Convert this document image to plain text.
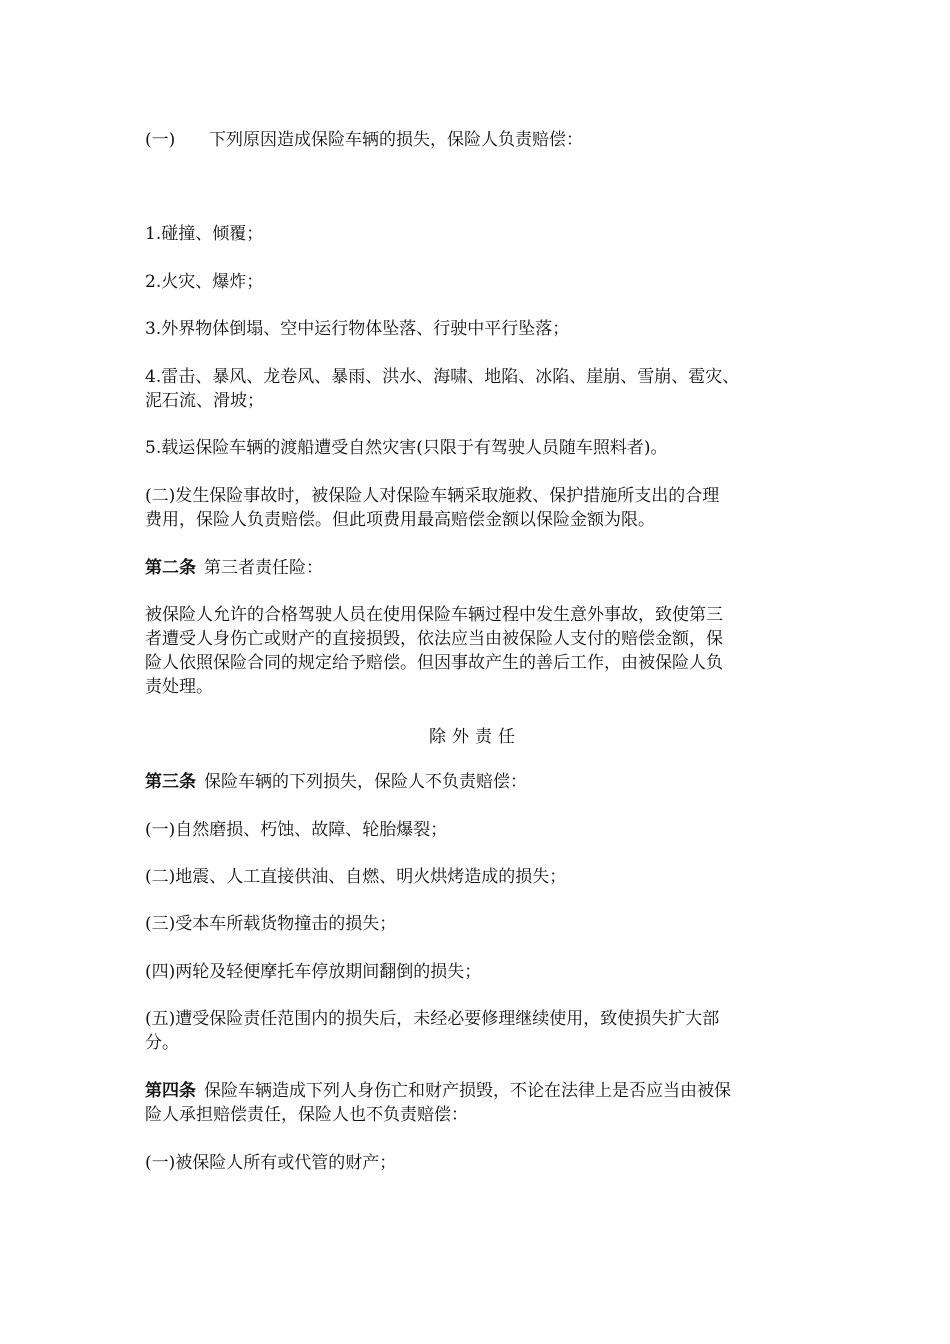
(一) 下列原因造成保险车辆的损失，保险人负责赔偿：
1.碰撞、倾覆；
2.火灾、爆炸；
3.外界物体倒塌、空中运行物体坠落、行驶中平行坠落；
4.雷击、暴风、龙卷风、暴雨、洪水、海啸、地陷、冰陷、崖崩、雪崩、雹灾、
泥石流、滑坡；
5.载运保险车辆的渡船遭受自然灾害(只限于有驾驶人员随车照料者)。
(二)发生保险事故时，被保险人对保险车辆采取施救、保护措施所支出的合理
费用，保险人负责赔偿。但此项费用最高赔偿金额以保险金额为限。
第二条 第三者责任险：
被保险人允许的合格驾驶人员在使用保险车辆过程中发生意外事故，致使第三
者遭受人身伤亡或财产的直接损毁，依法应当由被保险人支付的赔偿金额，保
险人依照保险合同的规定给予赔偿。但因事故产生的善后工作，由被保险人负
责处理。
除外责任
第三条 保险车辆的下列损失，保险人不负责赔偿：
(一)自然磨损、朽蚀、故障、轮胎爆裂；
(二)地震、人工直接供油、自燃、明火烘烤造成的损失；
(三)受本车所载货物撞击的损失；
(四)两轮及轻便摩托车停放期间翻倒的损失；
(五)遭受保险责任范围内的损失后，未经必要修理继续使用，致使损失扩大部
分。
第四条 保险车辆造成下列人身伤亡和财产损毁，不论在法律上是否应当由被保
险人承担赔偿责任，保险人也不负责赔偿：
(一)被保险人所有或代管的财产；
